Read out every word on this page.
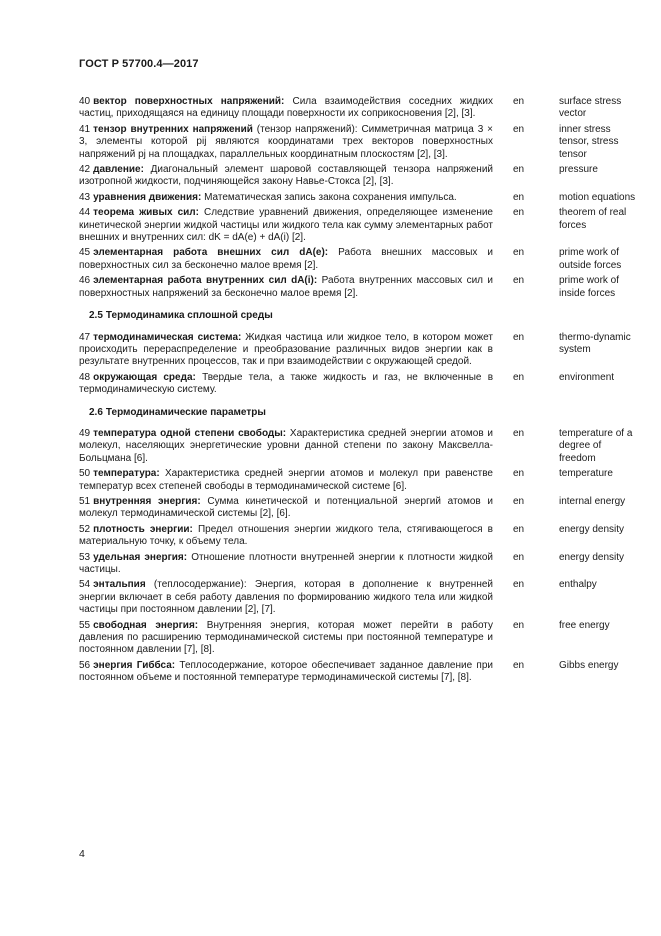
ГОСТ Р 57700.4—2017
40 вектор поверхностных напряжений: Сила взаимодействия соседних жидких частиц, приходящаяся на единицу площади поверхности их соприкосновения [2], [3].
en	surface stress vector
41 тензор внутренних напряжений (тензор напряжений): Симметричная матрица 3 × 3, элементы которой pij являются координатами трех векторов поверхностных напряжений pj на площадках, параллельных координатным плоскостям [2], [3].
en	inner stress tensor, stress tensor
42 давление: Диагональный элемент шаровой составляющей тензора напряжений изотропной жидкости, подчиняющейся закону Навье-Стокса [2], [3].
en	pressure
43 уравнения движения: Математическая запись закона сохранения импульса.	en	motion equations
44 теорема живых сил: Следствие уравнений движения, определяющее изменение кинетической энергии жидкой частицы или жидкого тела как сумму элементарных работ внешних и внутренних сил: dK = dA(e) + dA(i) [2].
en	theorem of real forces
45 элементарная работа внешних сил dA(e): Работа внешних массовых и поверхностных сил за бесконечно малое время [2].
en	prime work of outside forces
46 элементарная работа внутренних сил dA(i): Работа внутренних массовых сил и поверхностных напряжений за бесконечно малое время [2].
en	prime work of inside forces
2.5 Термодинамика сплошной среды
47 термодинамическая система: Жидкая частица или жидкое тело, в котором может происходить перераспределение и преобразование различных видов энергии как в результате внутренних процессов, так и при взаимодействии с окружающей средой.
en	thermo-dynamic system
48 окружающая среда: Твердые тела, а также жидкость и газ, не включенные в термодинамическую систему.
en	environment
2.6 Термодинамические параметры
49 температура одной степени свободы: Характеристика средней энергии атомов и молекул, населяющих энергетические уровни данной степени по закону Максвелла-Больцмана [6].
en	temperature of a degree of freedom
50 температура: Характеристика средней энергии атомов и молекул при равенстве температур всех степеней свободы в термодинамической системе [6].
en	temperature
51 внутренняя энергия: Сумма кинетической и потенциальной энергий атомов и молекул термодинамической системы [2], [6].
en	internal energy
52 плотность энергии: Предел отношения энергии жидкого тела, стягивающегося в материальную точку, к объему тела.
en	energy density
53 удельная энергия: Отношение плотности внутренней энергии к плотности жидкой частицы.
en	energy density
54 энтальпия (теплосодержание): Энергия, которая в дополнение к внутренней энергии включает в себя работу давления по формированию жидкого тела или жидкой частицы при постоянном давлении [2], [7].
en	enthalpy
55 свободная энергия: Внутренняя энергия, которая может перейти в работу давления по расширению термодинамической системы при постоянной температуре и постоянном давлении [7], [8].
en	free energy
56 энергия Гиббса: Теплосодержание, которое обеспечивает заданное давление при постоянном объеме и постоянной температуре термодинамической системы [7], [8].
en	Gibbs energy
4
